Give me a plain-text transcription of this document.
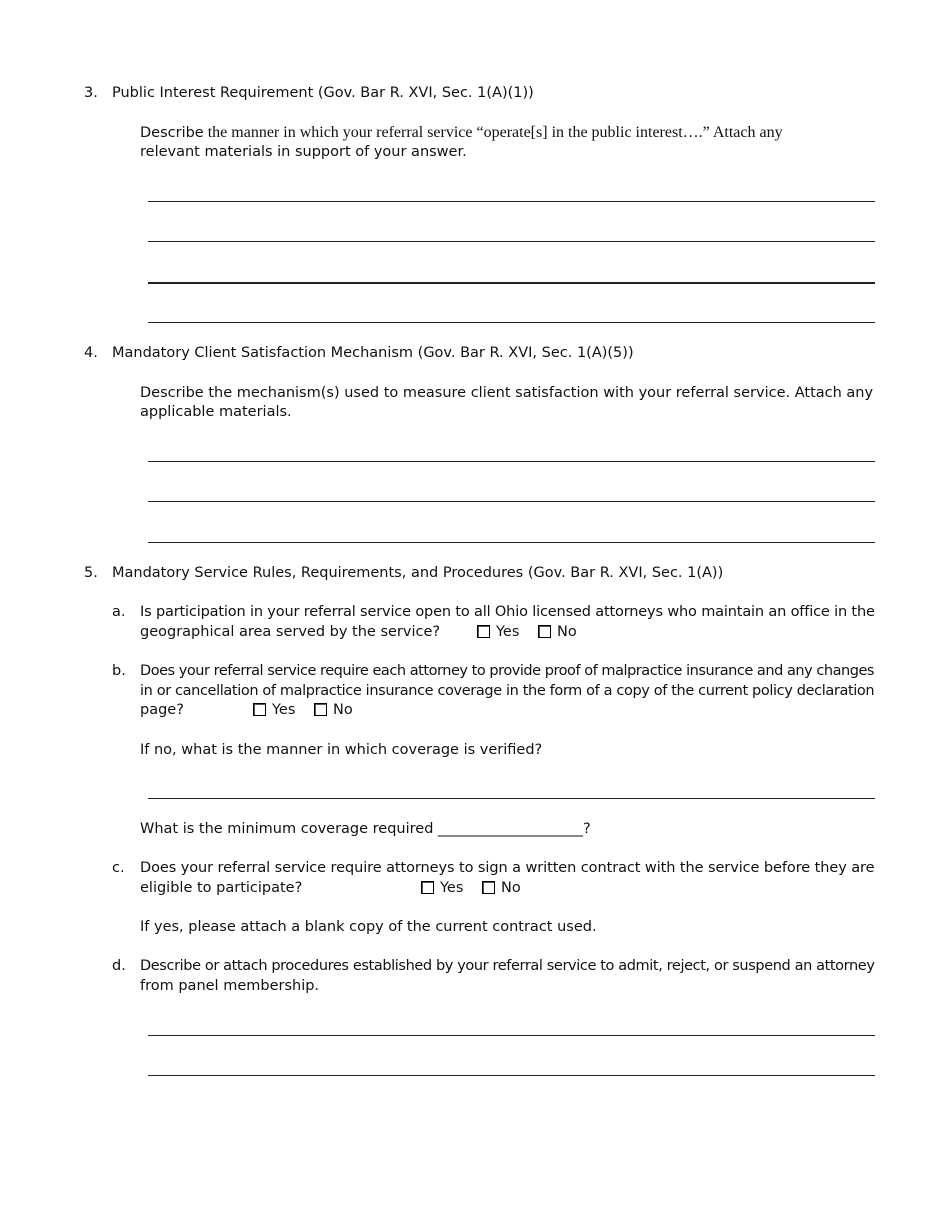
3. Public Interest Requirement (Gov. Bar R. XVI, Sec. 1(A)(1))
Describe the manner in which your referral service “operate[s] in the public interest….” Attach any
relevant materials in support of your answer.
4. Mandatory Client Satisfaction Mechanism (Gov. Bar R. XVI, Sec. 1(A)(5))
Describe the mechanism(s) used to measure client satisfaction with your referral service. Attach any
applicable materials.
5. Mandatory Service Rules, Requirements, and Procedures (Gov. Bar R. XVI, Sec. 1(A))
a. Is participation in your referral service open to all Ohio licensed attorneys who maintain an office in the
geographical area served by the service?	Yes	No
b. Does your referral service require each attorney to provide proof of malpractice insurance and any changes
in or cancellation of malpractice insurance coverage in the form of a copy of the current policy declaration
page?	Yes	No
If no, what is the manner in which coverage is verified?
What is the minimum coverage required ____________________?
c. Does your referral service require attorneys to sign a written contract with the service before they are
eligible to participate?	Yes	No
If yes, please attach a blank copy of the current contract used.
d. Describe or attach procedures established by your referral service to admit, reject, or suspend an attorney
from panel membership.
